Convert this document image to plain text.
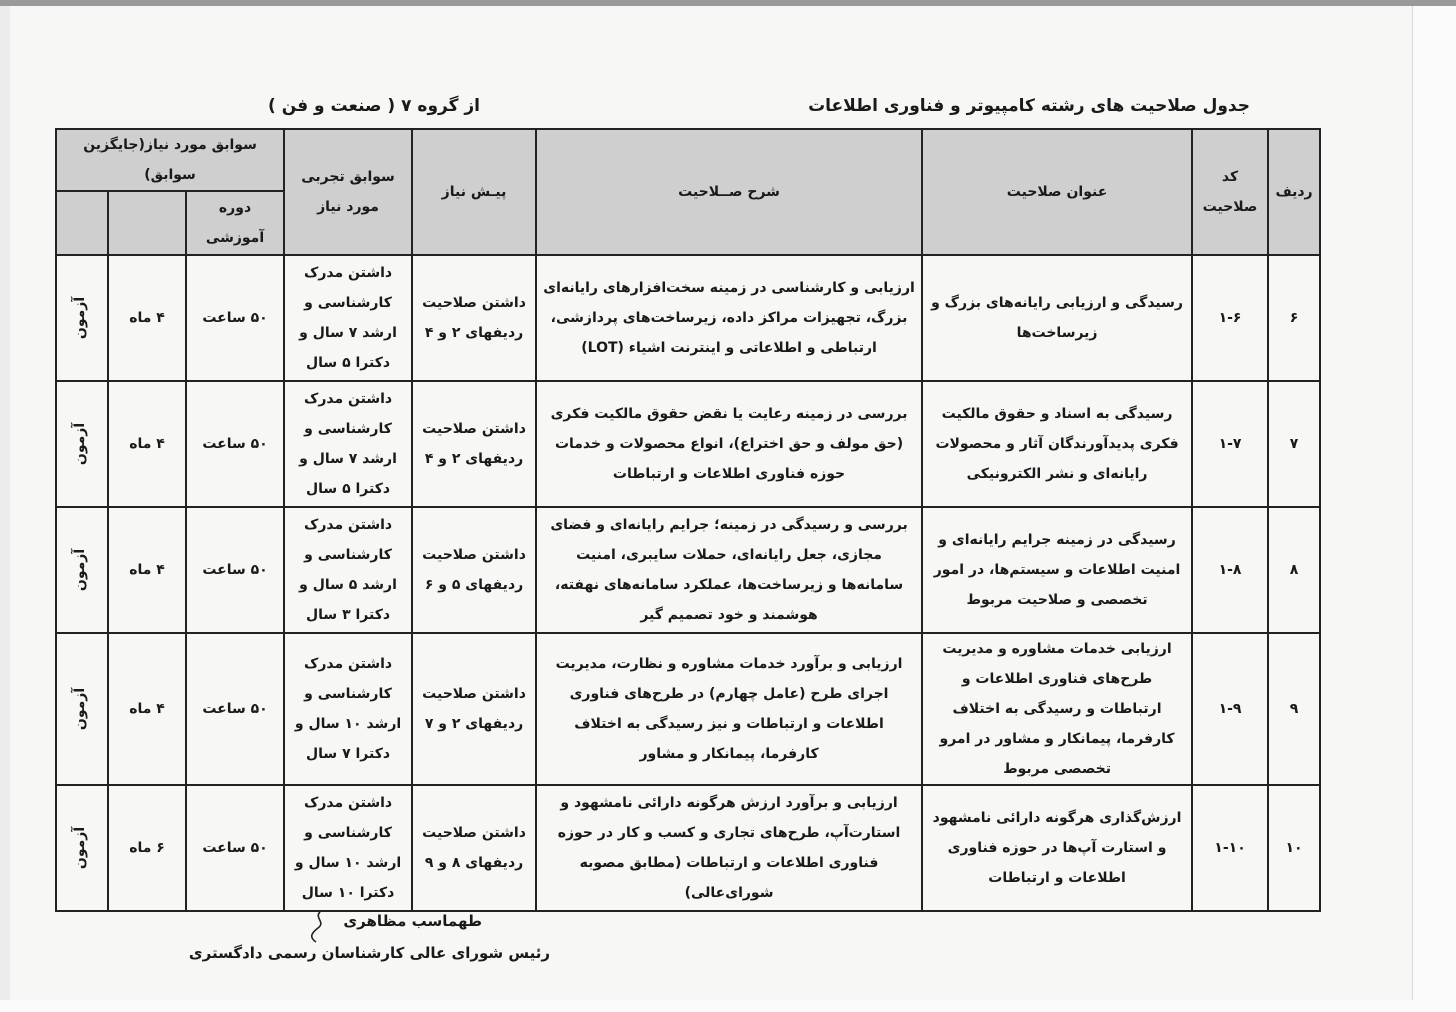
جدول صلاحیت های رشته کامپیوتر و فناوری اطلاعات
از گروه ۷ ( صنعت و فن )
ردیف	کد صلاحیت	عنوان صلاحیت	شرح صــلاحیت	پیـش نیاز	سوابق تجربی مورد نیاز	سوابق مورد نیاز(جایگزین سوابق)		
						دوره آموزشی		
۶	۱-۶	رسیدگی و ارزیابی رایانه‌های بزرگ و زیرساخت‌ها	ارزیابی و کارشناسی در زمینه سخت‌افزارهای رایانه‌ای بزرگ، تجهیزات مراکز داده، زیرساخت‌های پردازشی، ارتباطی و اطلاعاتی و اینترنت اشیاء (LOT)	داشتن صلاحیت ردیفهای ۲ و ۴	داشتن مدرک کارشناسی و ارشد ۷ سال و دکترا ۵ سال	۵۰ ساعت	۴ ماه	آزمون
۷	۱-۷	رسیدگی به اسناد و حقوق مالکیت فکری پدیدآورندگان آثار و محصولات رایانه‌ای و نشر الکترونیکی	بررسی در زمینه رعایت یا نقض حقوق مالکیت فکری (حق مولف و حق اختراع)، انواع محصولات و خدمات حوزه فناوری اطلاعات و ارتباطات	داشتن صلاحیت ردیفهای ۲ و ۴	داشتن مدرک کارشناسی و ارشد ۷ سال و دکترا ۵ سال	۵۰ ساعت	۴ ماه	آزمون
۸	۱-۸	رسیدگی در زمینه جرایم رایانه‌ای و امنیت اطلاعات و سیستم‌ها، در امور تخصصی و صلاحیت مربوط	بررسی و رسیدگی در زمینه؛ جرایم رایانه‌ای و فضای مجازی، جعل رایانه‌ای، حملات سایبری، امنیت سامانه‌ها و زیرساخت‌ها، عملکرد سامانه‌های نهفته، هوشمند و خود تصمیم گیر	داشتن صلاحیت ردیفهای ۵ و ۶	داشتن مدرک کارشناسی و ارشد ۵ سال و دکترا ۳ سال	۵۰ ساعت	۴ ماه	آزمون
۹	۱-۹	ارزیابی خدمات مشاوره و مدیریت طرح‌های فناوری اطلاعات و ارتباطات و رسیدگی به اختلاف کارفرما، پیمانکار و مشاور در امرو تخصصی مربوط	ارزیابی و برآورد خدمات مشاوره و نظارت، مدیریت اجرای طرح (عامل چهارم) در طرح‌های فناوری اطلاعات و ارتباطات و نیز رسیدگی به اختلاف کارفرما، پیمانکار و مشاور	داشتن صلاحیت ردیفهای ۲ و ۷	داشتن مدرک کارشناسی و ارشد ۱۰ سال و دکترا ۷ سال	۵۰ ساعت	۴ ماه	آزمون
۱۰	۱-۱۰	ارزش‌گذاری هرگونه دارائی نامشهود و استارت آپ‌ها در حوزه فناوری اطلاعات و ارتباطات	ارزیابی و برآورد ارزش هرگونه دارائی نامشهود و استارت‌آپ، طرح‌های تجاری و کسب و کار در حوزه فناوری اطلاعات و ارتباطات (مطابق مصوبه شورای‌عالی)	داشتن صلاحیت ردیفهای ۸ و ۹	داشتن مدرک کارشناسی و ارشد ۱۰ سال و دکترا ۱۰ سال	۵۰ ساعت	۶ ماه	آزمون
طهماسب مظاهری
رئیس شورای عالی کارشناسان رسمی دادگستری
